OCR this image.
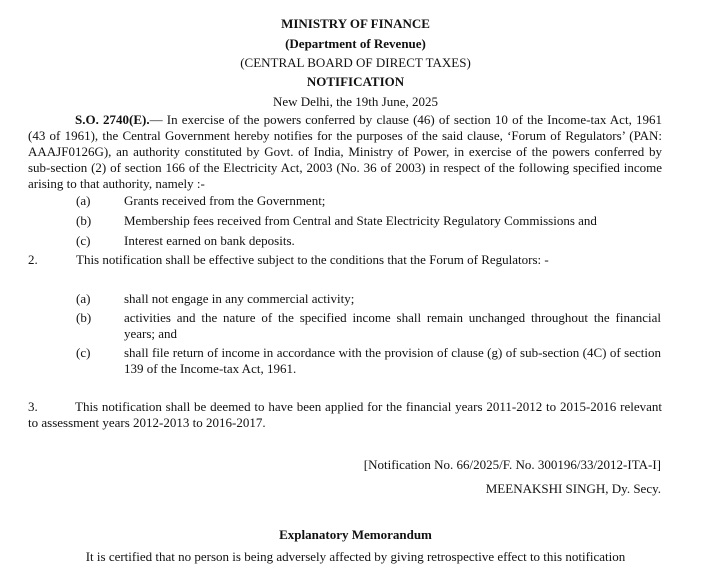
MINISTRY OF FINANCE
(Department of Revenue)
(CENTRAL BOARD OF DIRECT TAXES)
NOTIFICATION
New Delhi, the 19th June, 2025
S.O. 2740(E).— In exercise of the powers conferred by clause (46) of section 10 of the Income-tax Act, 1961 (43 of 1961), the Central Government hereby notifies for the purposes of the said clause, ‘Forum of Regulators’ (PAN: AAAJF0126G), an authority constituted by Govt. of India, Ministry of Power, in exercise of the powers conferred by sub-section (2) of section 166 of the Electricity Act, 2003 (No. 36 of 2003) in respect of the following specified income arising to that authority, namely :-
(a)	Grants received from the Government;
(b)	Membership fees received from Central and State Electricity Regulatory Commissions and
(c)	Interest earned on bank deposits.
2.	This notification shall be effective subject to the conditions that the Forum of Regulators: -
(a)	shall not engage in any commercial activity;
(b)	activities and the nature of the specified income shall remain unchanged throughout the financial years; and
(c)	shall file return of income in accordance with the provision of clause (g) of sub-section (4C) of section 139 of the Income-tax Act, 1961.
3.	This notification shall be deemed to have been applied for the financial years 2011-2012 to 2015-2016 relevant to assessment years 2012-2013 to 2016-2017.
[Notification No. 66/2025/F. No. 300196/33/2012-ITA-I]
MEENAKSHI SINGH, Dy. Secy.
Explanatory Memorandum
It is certified that no person is being adversely affected by giving retrospective effect to this notification
